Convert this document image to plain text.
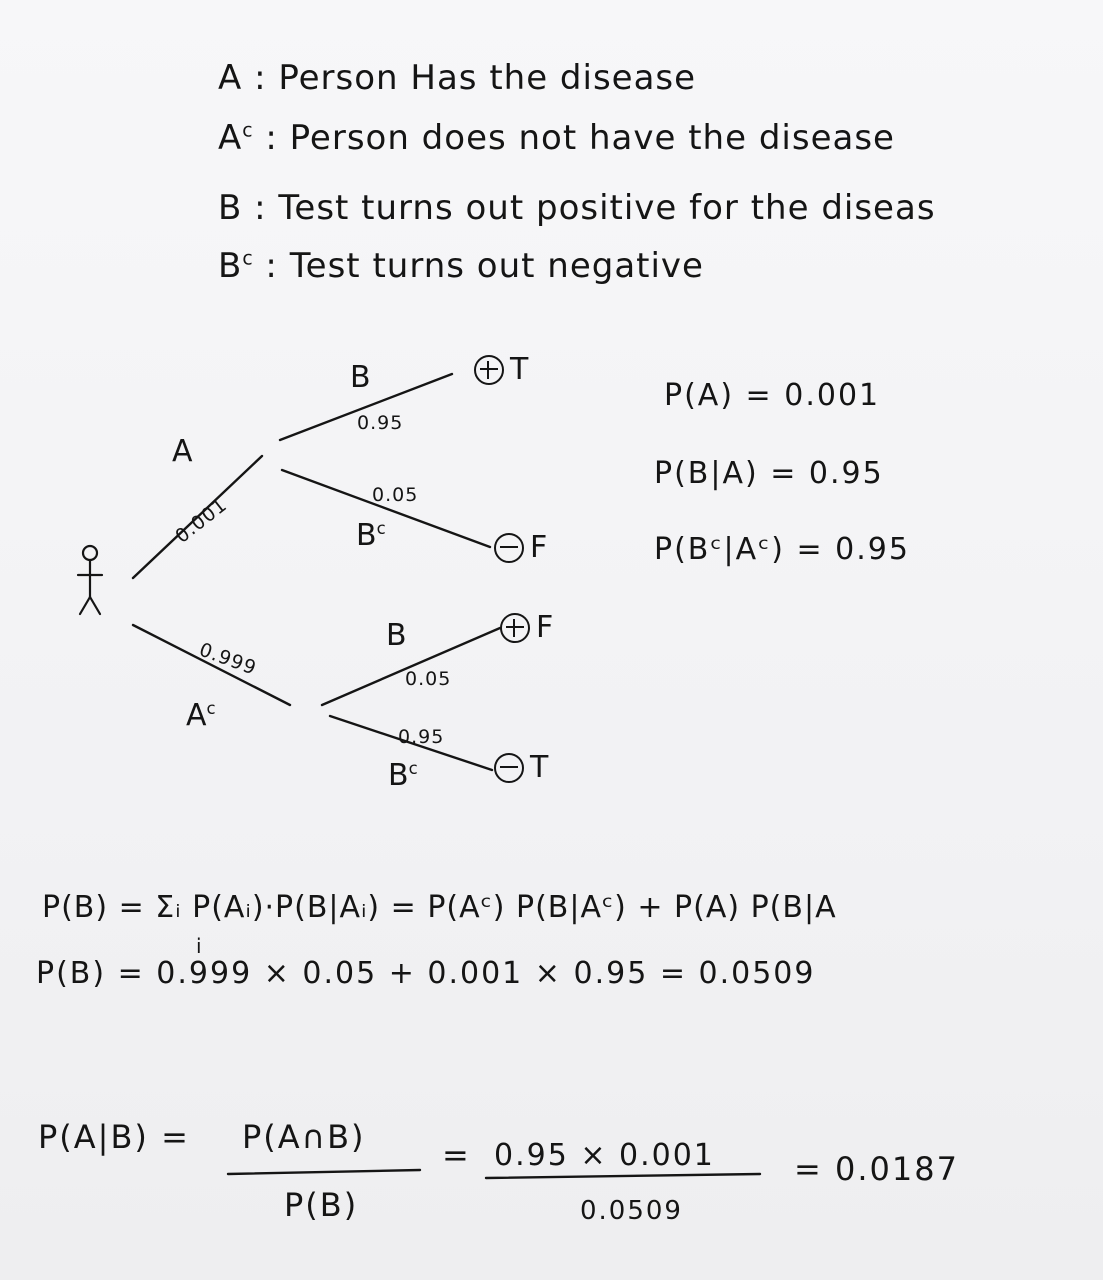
A : Person Has the disease
$A^c$ : Person does not have the disease
B : Test turns out positive for the diseas
$B^c$ : Test turns out negative
A
0.001
0.999
$A^c$
B
0.95
0.05
$B^c$
B
0.05
0.95
$B^c$
T
F
F
T
P(A) = 0.001
P(B|A) = 0.95
P(Bᶜ|Aᶜ) = 0.95
P(B) = Σᵢ P(Aᵢ)·P(B|Aᵢ) = P(Aᶜ) P(B|Aᶜ) + P(A) P(B|A
i
P(B) = 0.999 × 0.05 + 0.001 × 0.95 = 0.0509
P(A|B) = P(A∩B)
P(B)
= 0.95 × 0.001
0.0509
= 0.0187
